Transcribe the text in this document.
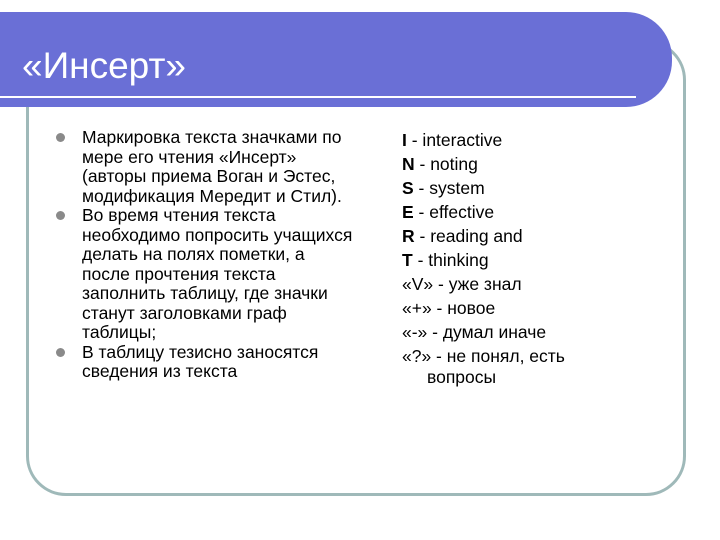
«Инсерт»
Маркировка текста значками по мере его чтения «Инсерт» (авторы приема Воган и Эстес, модификация Мередит и Стил).
Во время чтения текста необходимо попросить учащихся делать на полях пометки, а после прочтения текста заполнить таблицу, где значки станут заголовками граф таблицы;
В таблицу тезисно заносятся сведения из текста
I - interactive
N - noting
S - system
E - effective
R - reading and
T - thinking
«V» - уже знал
«+» - новое
«-» - думал иначе
«?» - не понял, есть
вопросы
